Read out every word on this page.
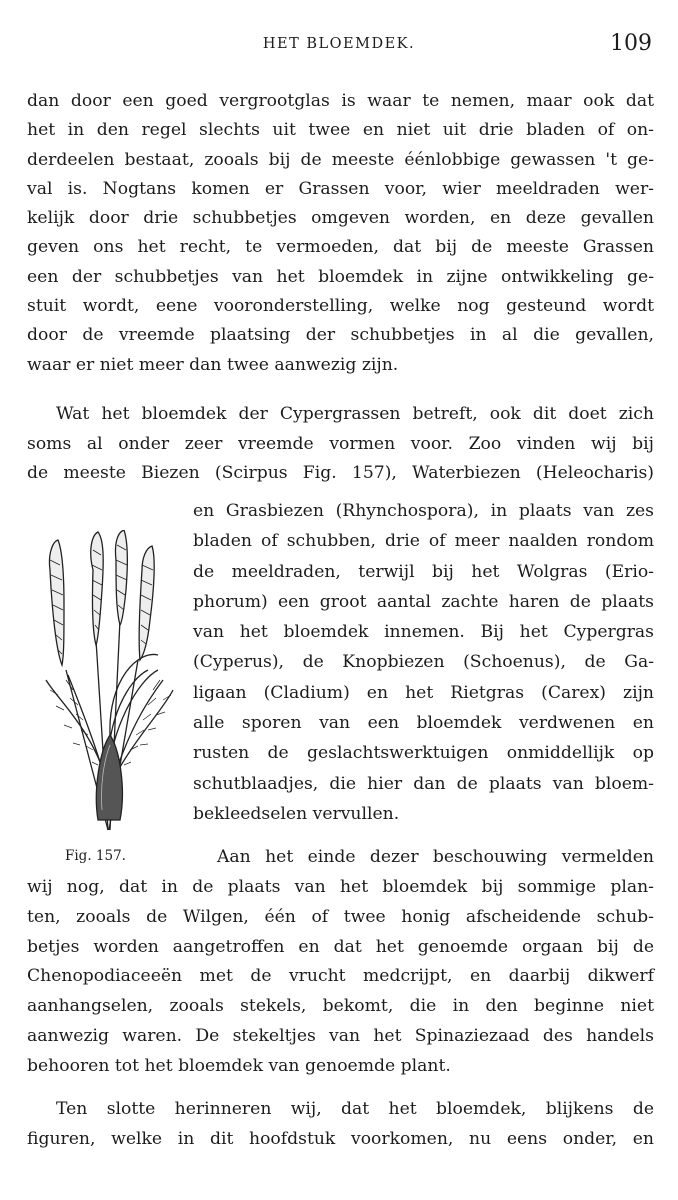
HET BLOEMDEK.	109
dan door een goed vergrootglas is waar te nemen, maar ook dat
het in den regel slechts uit twee en niet uit drie bladen of on-
derdeelen bestaat, zooals bij de meeste éénlobbige gewassen 't ge-
val is. Nogtans komen er Grassen voor, wier meeldraden wer-
kelijk door drie schubbetjes omgeven worden, en deze gevallen
geven ons het recht, te vermoeden, dat bij de meeste Grassen
een der schubbetjes van het bloemdek in zijne ontwikkeling ge-
stuit wordt, eene vooronderstelling, welke nog gesteund wordt
door de vreemde plaatsing der schubbetjes in al die gevallen,
waar er niet meer dan twee aanwezig zijn.
Wat het bloemdek der Cypergrassen betreft, ook dit doet zich
soms al onder zeer vreemde vormen voor. Zoo vinden wij bij
de meeste Biezen (Scirpus Fig. 157), Waterbiezen (Heleocharis)
en Grasbiezen (Rhynchospora), in plaats van zes
bladen of schubben, drie of meer naalden rondom
de meeldraden, terwijl bij het Wolgras (Erio-
phorum) een groot aantal zachte haren de plaats
van het bloemdek innemen. Bij het Cypergras
(Cyperus), de Knopbiezen (Schoenus), de Ga-
ligaan (Cladium) en het Rietgras (Carex) zijn
alle sporen van een bloemdek verdwenen en
rusten de geslachtswerktuigen onmiddellijk op
schutblaadjes, die hier dan de plaats van bloem-
bekleedselen vervullen.
Fig. 157.	Aan het einde dezer beschouwing vermelden
wij nog, dat in de plaats van het bloemdek bij sommige plan-
ten, zooals de Wilgen, één of twee honig afscheidende schub-
betjes worden aangetroffen en dat het genoemde orgaan bij de
Chenopodiaceeën met de vrucht medcrijpt, en daarbij dikwerf
aanhangselen, zooals stekels, bekomt, die in den beginne niet
aanwezig waren. De stekeltjes van het Spinaziezaad des handels
behooren tot het bloemdek van genoemde plant.
Ten slotte herinneren wij, dat het bloemdek, blijkens de
figuren, welke in dit hoofdstuk voorkomen, nu eens onder, en
